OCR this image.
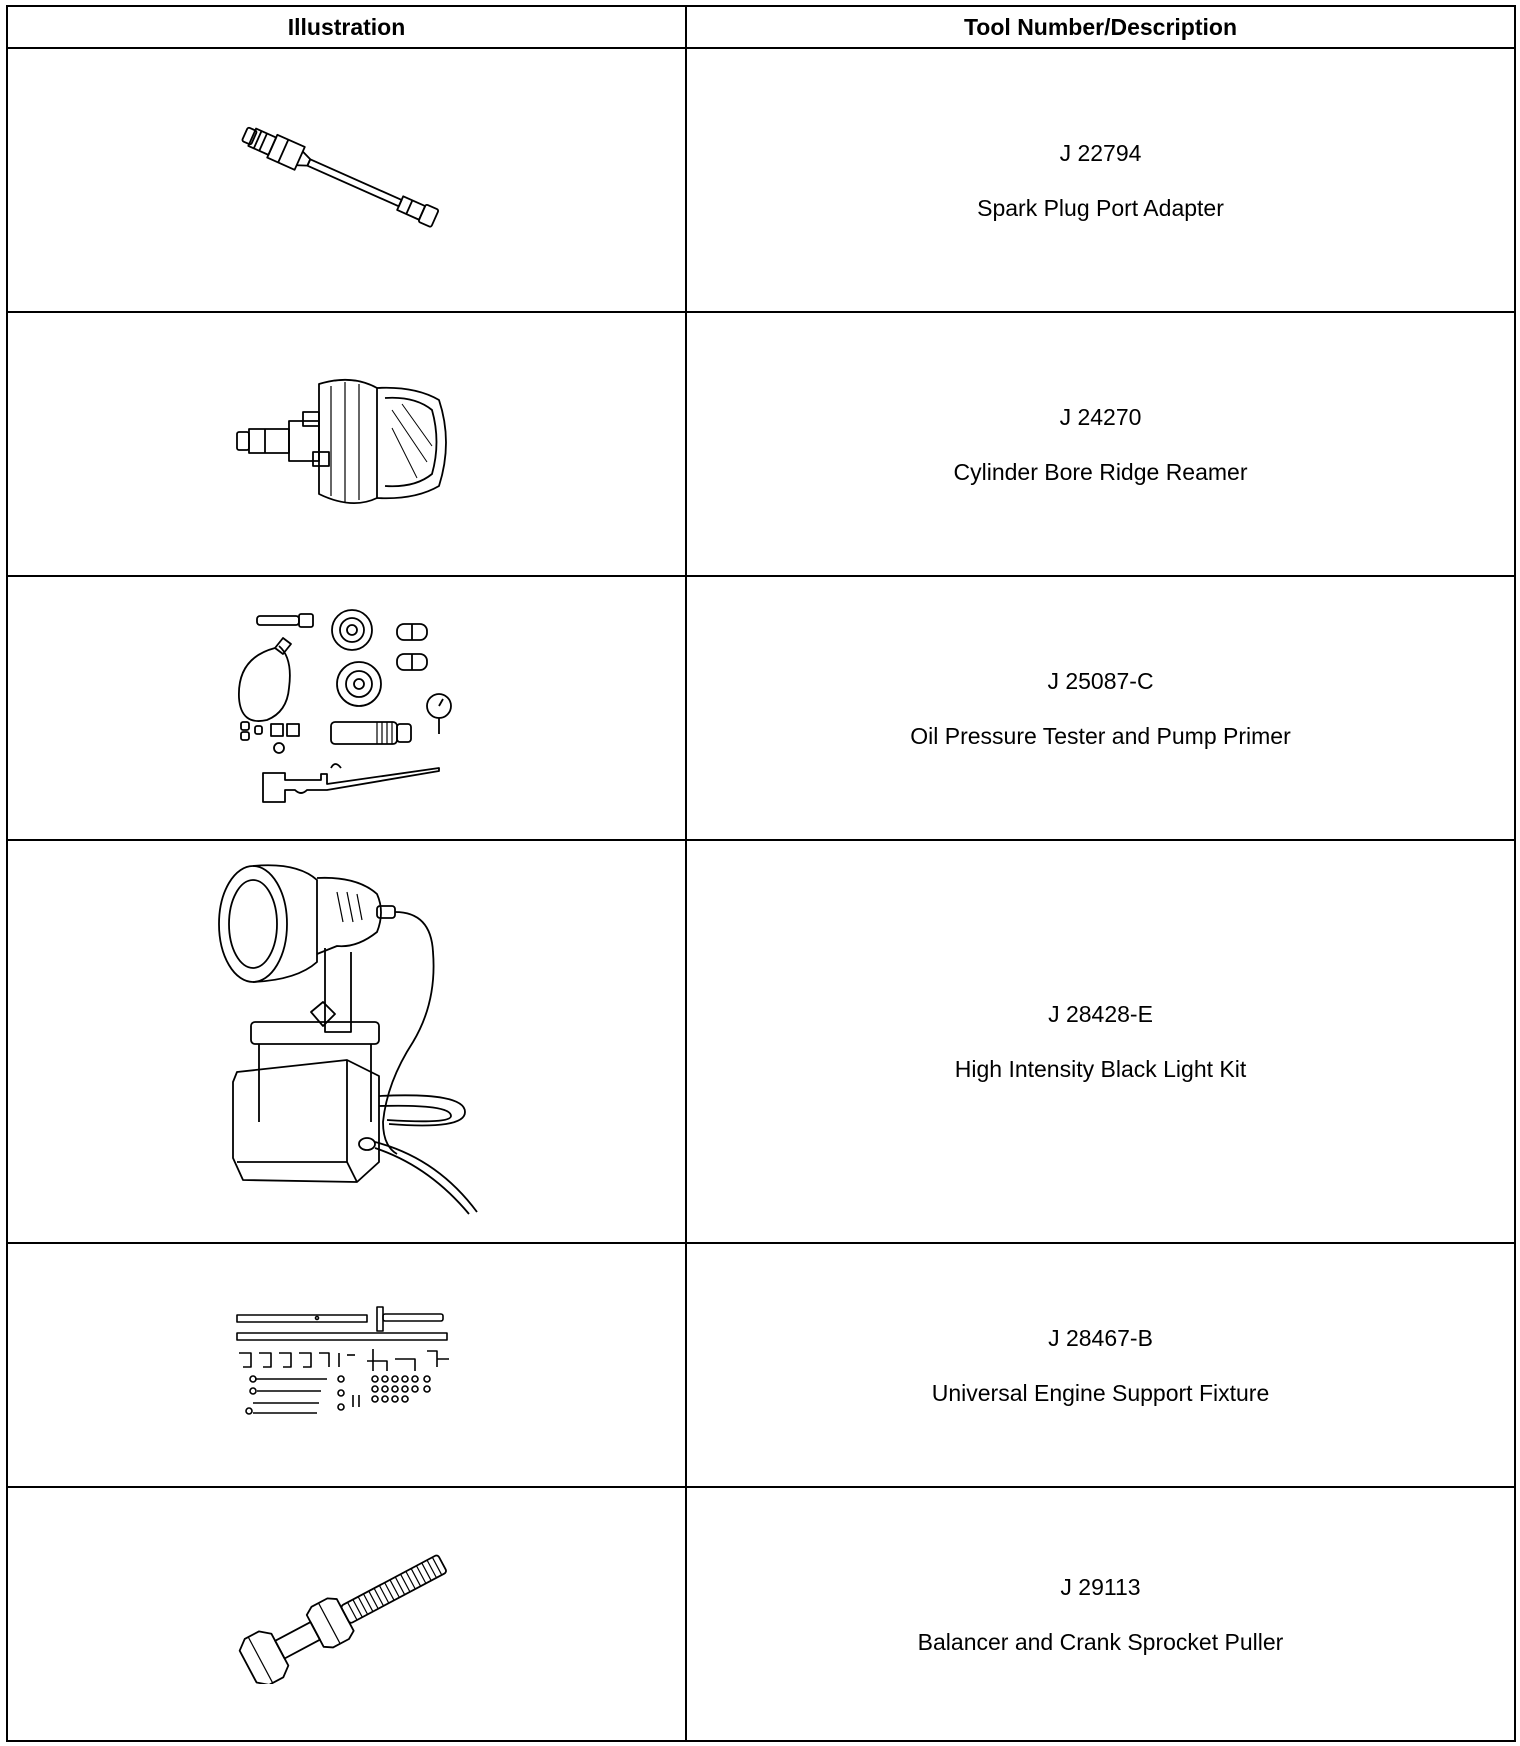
Illustration	Tool Number/Description

J 22794
Spark Plug Port Adapter

J 24270
Cylinder Bore Ridge Reamer

J 25087-C
Oil Pressure Tester and Pump Primer

J 28428-E
High Intensity Black Light Kit

J 28467-B
Universal Engine Support Fixture

J 29113
Balancer and Crank Sprocket Puller
